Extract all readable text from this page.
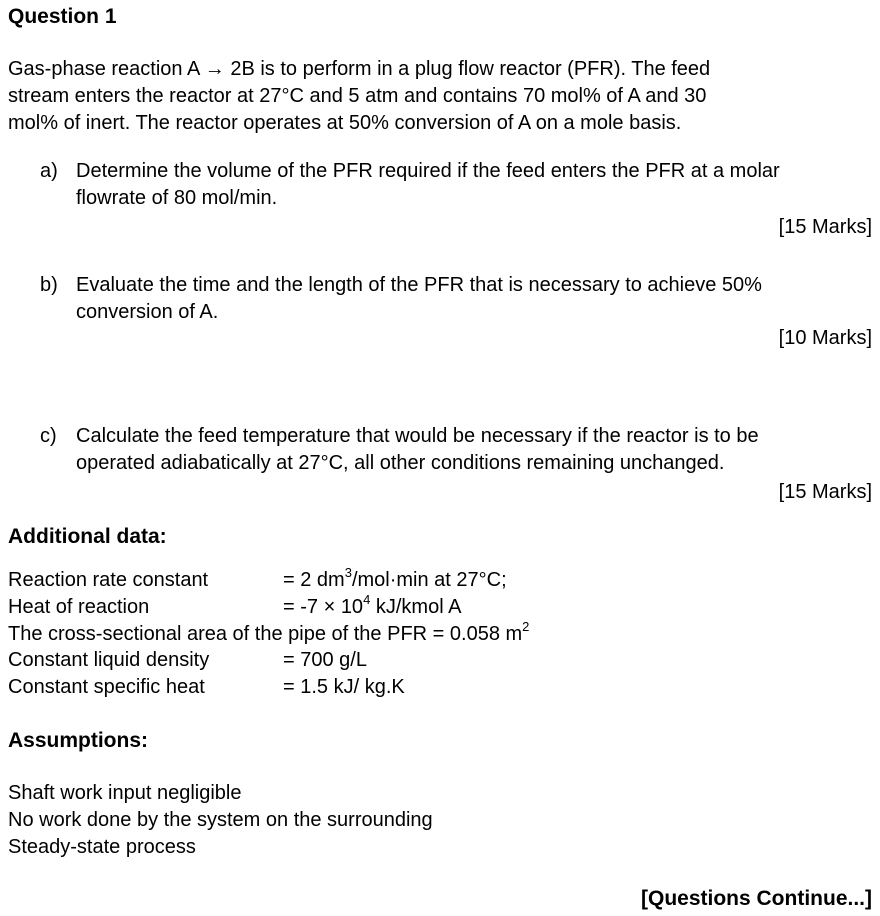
Question 1
Gas-phase reaction A → 2B is to perform in a plug flow reactor (PFR). The feed
stream enters the reactor at 27°C and 5 atm and contains 70 mol% of A and 30
mol% of inert. The reactor operates at 50% conversion of A on a mole basis.
a) Determine the volume of the PFR required if the feed enters the PFR at a molar
flowrate of 80 mol/min.
[15 Marks]
b) Evaluate the time and the length of the PFR that is necessary to achieve 50%
conversion of A.
[10 Marks]
c) Calculate the feed temperature that would be necessary if the reactor is to be
operated adiabatically at 27°C, all other conditions remaining unchanged.
[15 Marks]
Additional data:
Reaction rate constant	= 2 $dm^3/mol\cdot\min$ at 27°C;
Heat of reaction	= $-7 \times 10^4$ kJ/kmol A
The cross-sectional area of the pipe of the PFR = 0.058 $m^2$
Constant liquid density	= 700 g/L
Constant specific heat	= 1.5 kJ/ kg.K
Assumptions:
Shaft work input negligible
No work done by the system on the surrounding
Steady-state process
[Questions Continue...]
